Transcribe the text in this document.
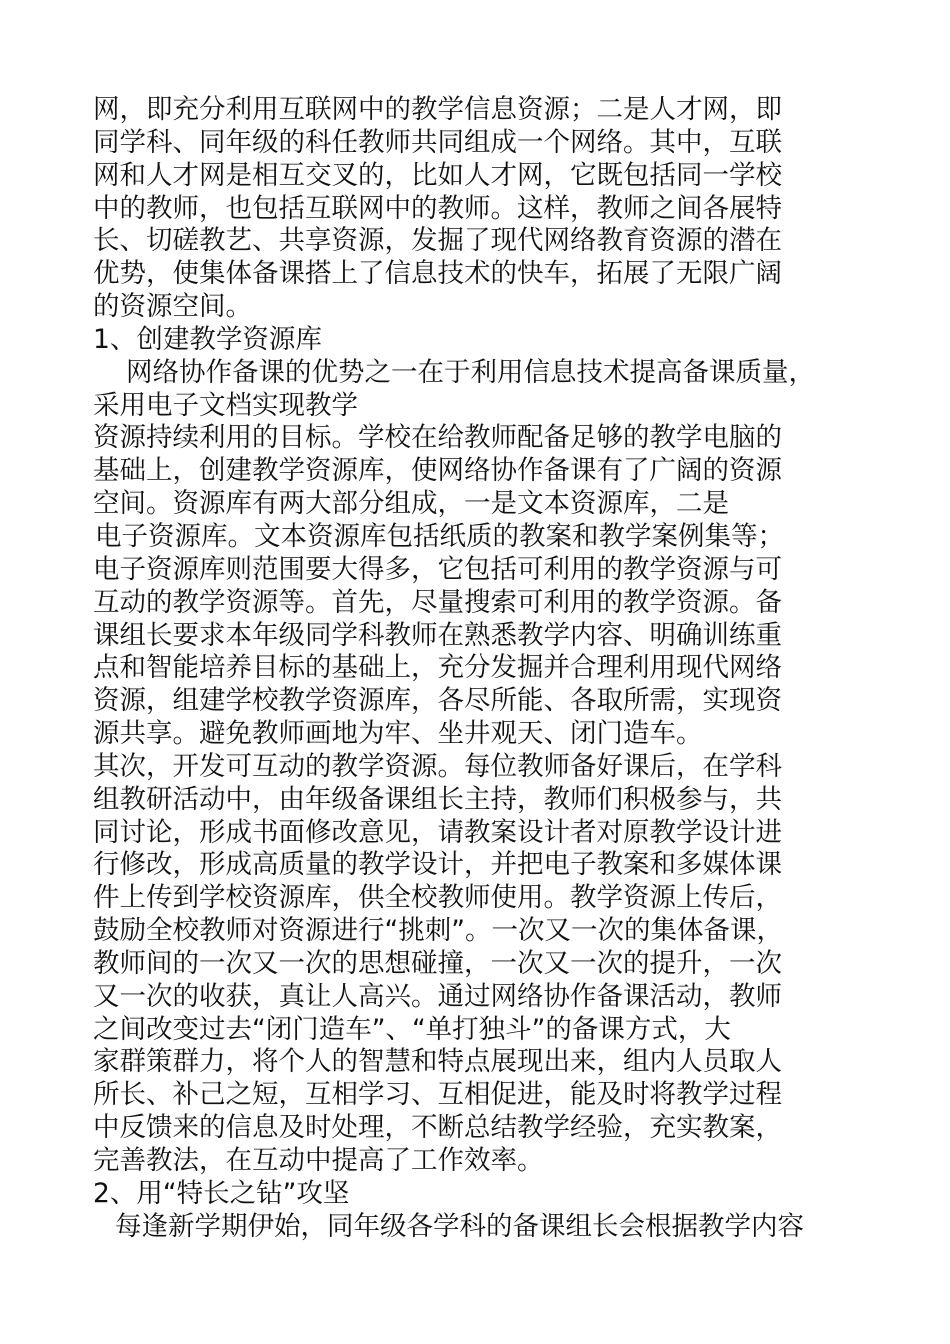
网，即充分利用互联网中的教学信息资源；二是人才网，即
同学科、同年级的科任教师共同组成一个网络。其中，互联
网和人才网是相互交叉的，比如人才网，它既包括同一学校
中的教师，也包括互联网中的教师。这样，教师之间各展特
长、切磋教艺、共享资源，发掘了现代网络教育资源的潜在
优势，使集体备课搭上了信息技术的快车，拓展了无限广阔
的资源空间。
1、创建教学资源库
网络协作备课的优势之一在于利用信息技术提高备课质量，
采用电子文档实现教学
资源持续利用的目标。学校在给教师配备足够的教学电脑的
基础上，创建教学资源库，使网络协作备课有了广阔的资源
空间。资源库有两大部分组成，一是文本资源库，二是
电子资源库。文本资源库包括纸质的教案和教学案例集等；
电子资源库则范围要大得多，它包括可利用的教学资源与可
互动的教学资源等。首先，尽量搜索可利用的教学资源。备
课组长要求本年级同学科教师在熟悉教学内容、明确训练重
点和智能培养目标的基础上，充分发掘并合理利用现代网络
资源，组建学校教学资源库，各尽所能、各取所需，实现资
源共享。避免教师画地为牢、坐井观天、闭门造车。
其次，开发可互动的教学资源。每位教师备好课后，在学科
组教研活动中，由年级备课组长主持，教师们积极参与，共
同讨论，形成书面修改意见，请教案设计者对原教学设计进
行修改，形成高质量的教学设计，并把电子教案和多媒体课
件上传到学校资源库，供全校教师使用。教学资源上传后，
鼓励全校教师对资源进行“挑刺”。一次又一次的集体备课，
教师间的一次又一次的思想碰撞，一次又一次的提升，一次
又一次的收获，真让人高兴。通过网络协作备课活动，教师
之间改变过去“闭门造车”、“单打独斗”的备课方式，大
家群策群力，将个人的智慧和特点展现出来，组内人员取人
所长、补己之短，互相学习、互相促进，能及时将教学过程
中反馈来的信息及时处理，不断总结教学经验，充实教案，
完善教法，在互动中提高了工作效率。
2、用“特长之钻”攻坚
每逢新学期伊始，同年级各学科的备课组长会根据教学内容
